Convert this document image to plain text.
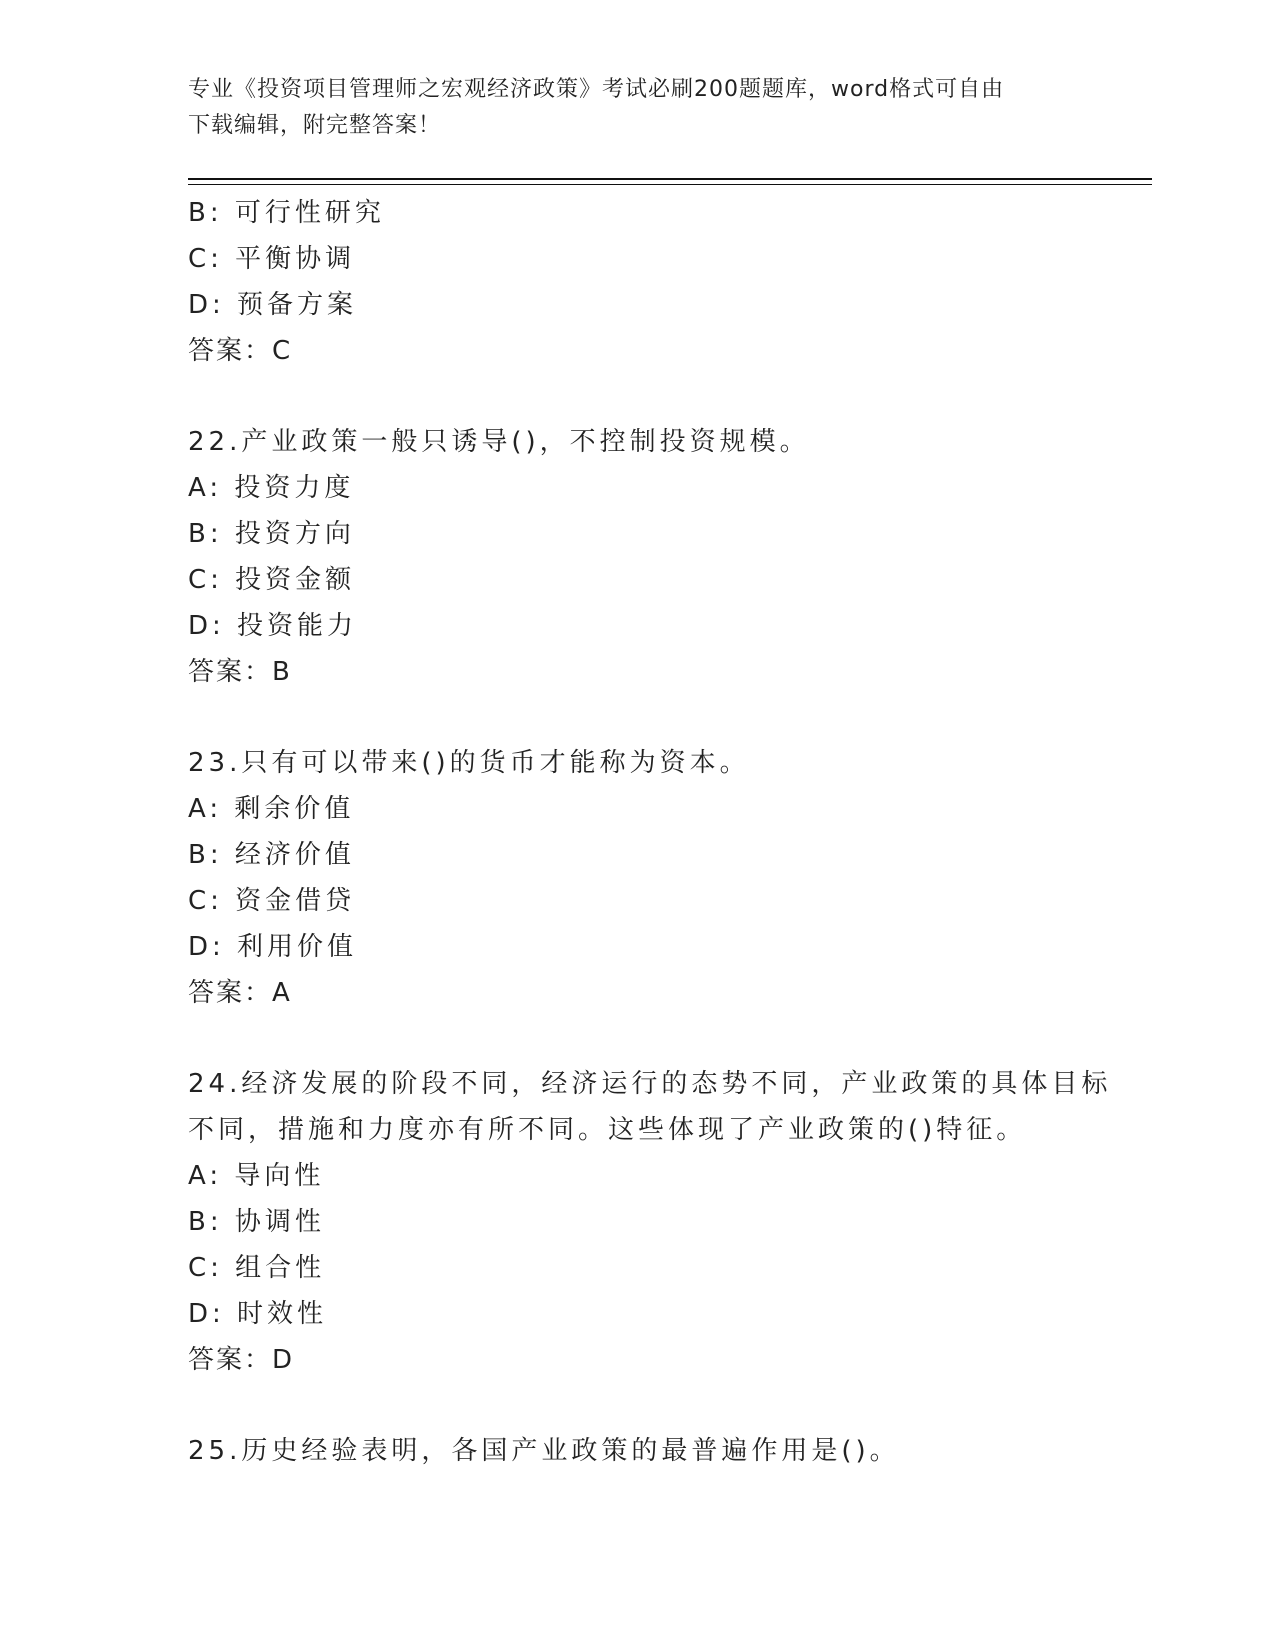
专业《投资项目管理师之宏观经济政策》考试必刷200题题库，word格式可自由
下载编辑，附完整答案！
B: 可行性研究
C: 平衡协调
D: 预备方案
答案：C
22.产业政策一般只诱导()，不控制投资规模。
A: 投资力度
B: 投资方向
C: 投资金额
D: 投资能力
答案：B
23.只有可以带来()的货币才能称为资本。
A: 剩余价值
B: 经济价值
C: 资金借贷
D: 利用价值
答案：A
24.经济发展的阶段不同，经济运行的态势不同，产业政策的具体目标
不同，措施和力度亦有所不同。这些体现了产业政策的()特征。
A: 导向性
B: 协调性
C: 组合性
D: 时效性
答案：D
25.历史经验表明，各国产业政策的最普遍作用是()。
